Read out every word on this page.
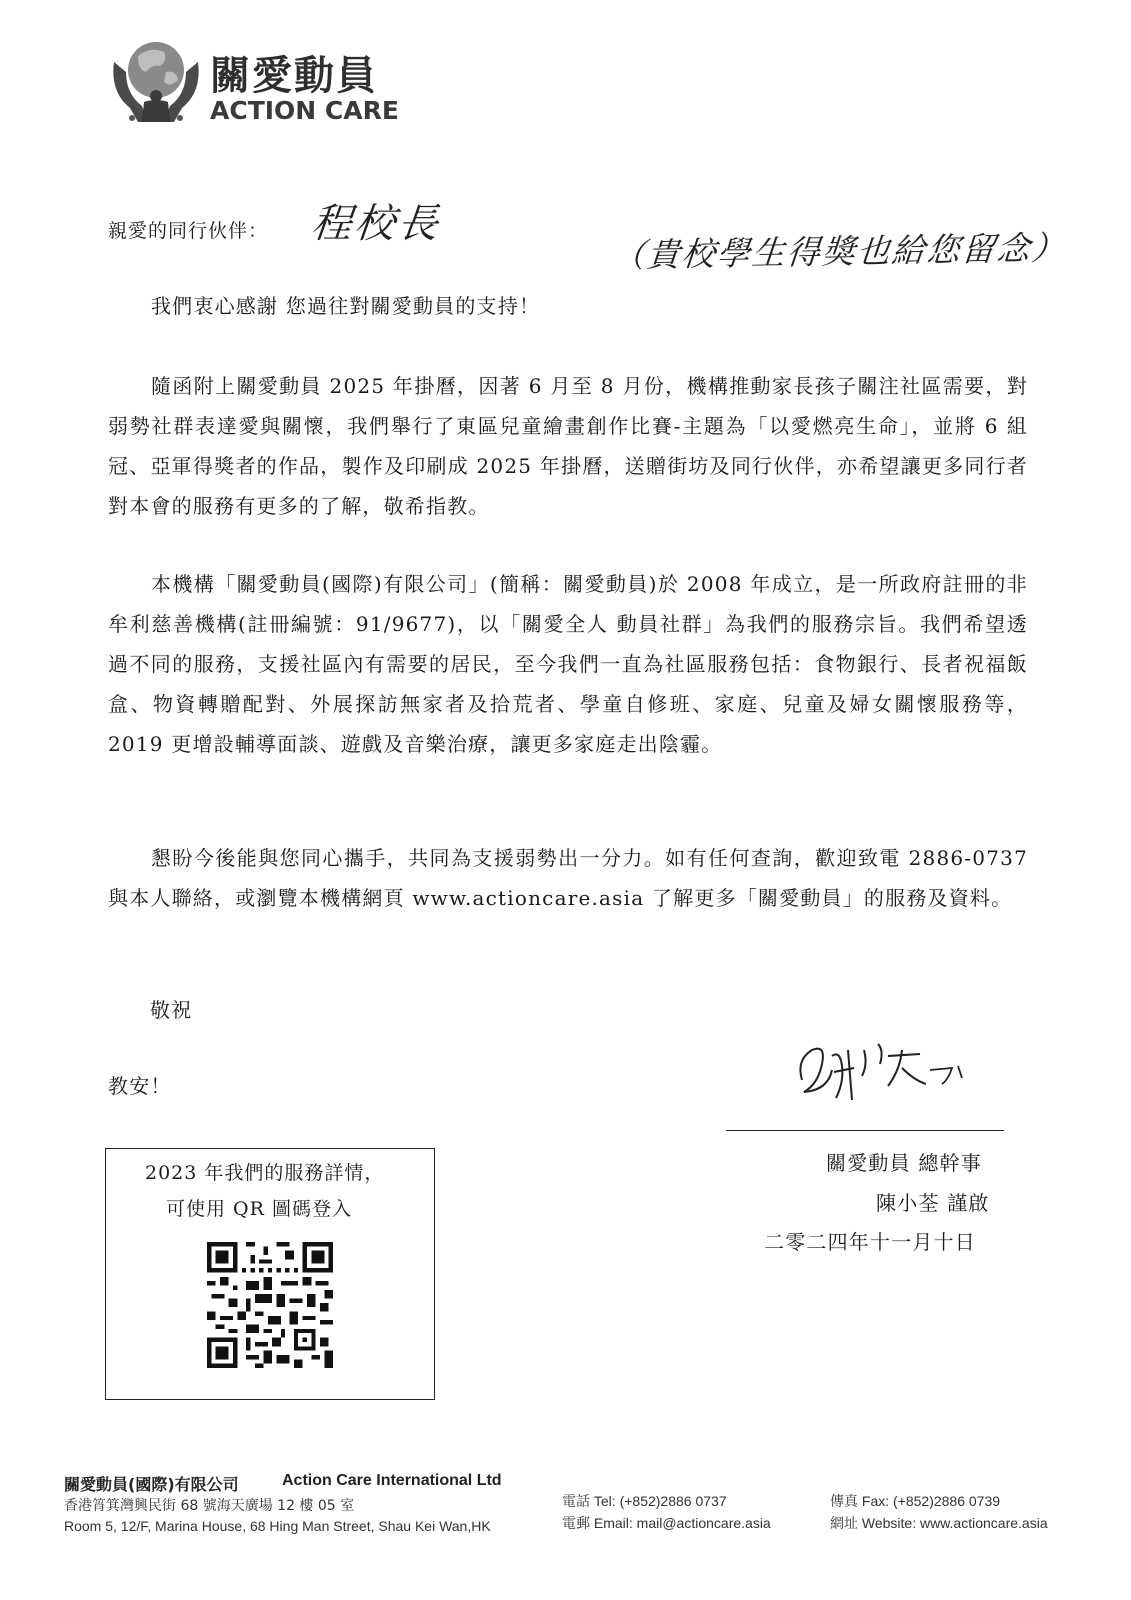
關愛動員
ACTION CARE
親愛的同行伙伴： 程校長
（貴校學生得獎也給您留念）

我們衷心感謝 您過往對關愛動員的支持！

隨函附上關愛動員 2025 年掛曆，因著 6 月至 8 月份，機構推動家長孩子關注社區需要，對弱勢社群表達愛與關懷，我們舉行了東區兒童繪畫創作比賽-主題為「以愛燃亮生命」，並將 6 組冠、亞軍得獎者的作品，製作及印刷成 2025 年掛曆，送贈街坊及同行伙伴，亦希望讓更多同行者對本會的服務有更多的了解，敬希指教。

本機構「關愛動員(國際)有限公司」(簡稱：關愛動員)於 2008 年成立，是一所政府註冊的非牟利慈善機構(註冊編號：91/9677)，以「關愛全人 動員社群」為我們的服務宗旨。我們希望透過不同的服務，支援社區內有需要的居民，至今我們一直為社區服務包括：食物銀行、長者祝福飯盒、物資轉贈配對、外展探訪無家者及拾荒者、學童自修班、家庭、兒童及婦女關懷服務等，2019 更增設輔導面談、遊戲及音樂治療，讓更多家庭走出陰霾。

懇盼今後能與您同心攜手，共同為支援弱勢出一分力。如有任何查詢，歡迎致電 2886-0737 與本人聯絡，或瀏覽本機構網頁 www.actioncare.asia 了解更多「關愛動員」的服務及資料。

敬祝
教安！
關愛動員 總幹事
陳小荃 謹啟
二零二四年十一月十日
2023 年我們的服務詳情，
可使用 QR 圖碼登入
關愛動員(國際)有限公司	Action Care International Ltd
香港筲箕灣興民街 68 號海天廣場 12 樓 05 室
Room 5, 12/F, Marina House, 68 Hing Man Street, Shau Kei Wan,HK
電話 Tel: (+852)2886 0737
電郵 Email: mail@actioncare.asia
傳真 Fax: (+852)2886 0739
網址 Website: www.actioncare.asia
